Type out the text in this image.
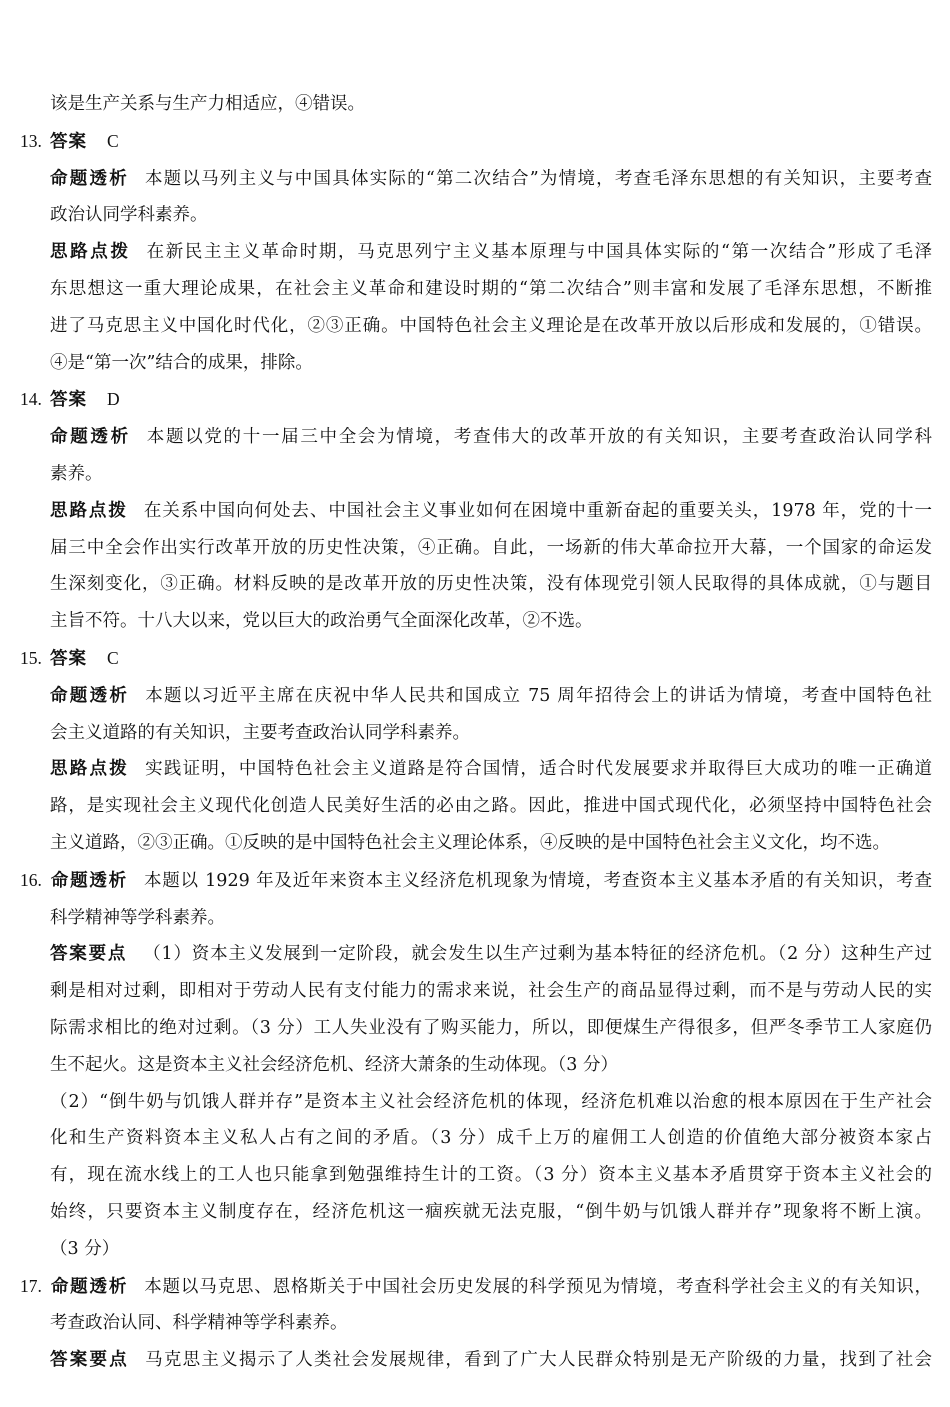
该是生产关系与生产力相适应，④错误。
13. 答案 C
命题透析 本题以马列主义与中国具体实际的“第二次结合”为情境，考查毛泽东思想的有关知识，主要考查
政治认同学科素养。
思路点拨 在新民主主义革命时期，马克思列宁主义基本原理与中国具体实际的“第一次结合”形成了毛泽
东思想这一重大理论成果，在社会主义革命和建设时期的“第二次结合”则丰富和发展了毛泽东思想，不断推
进了马克思主义中国化时代化，②③正确。中国特色社会主义理论是在改革开放以后形成和发展的，①错误。
④是“第一次”结合的成果，排除。
14. 答案 D
命题透析 本题以党的十一届三中全会为情境，考查伟大的改革开放的有关知识，主要考查政治认同学科
素养。
思路点拨 在关系中国向何处去、中国社会主义事业如何在困境中重新奋起的重要关头，1978 年，党的十一
届三中全会作出实行改革开放的历史性决策，④正确。自此，一场新的伟大革命拉开大幕，一个国家的命运发
生深刻变化，③正确。材料反映的是改革开放的历史性决策，没有体现党引领人民取得的具体成就，①与题目
主旨不符。十八大以来，党以巨大的政治勇气全面深化改革，②不选。
15. 答案 C
命题透析 本题以习近平主席在庆祝中华人民共和国成立 75 周年招待会上的讲话为情境，考查中国特色社
会主义道路的有关知识，主要考查政治认同学科素养。
思路点拨 实践证明，中国特色社会主义道路是符合国情，适合时代发展要求并取得巨大成功的唯一正确道
路，是实现社会主义现代化创造人民美好生活的必由之路。因此，推进中国式现代化，必须坚持中国特色社会
主义道路，②③正确。①反映的是中国特色社会主义理论体系，④反映的是中国特色社会主义文化，均不选。
16. 命题透析 本题以 1929 年及近年来资本主义经济危机现象为情境，考查资本主义基本矛盾的有关知识，考查
科学精神等学科素养。
答案要点 （1）资本主义发展到一定阶段，就会发生以生产过剩为基本特征的经济危机。（2 分）这种生产过
剩是相对过剩，即相对于劳动人民有支付能力的需求来说，社会生产的商品显得过剩，而不是与劳动人民的实
际需求相比的绝对过剩。（3 分）工人失业没有了购买能力，所以，即便煤生产得很多，但严冬季节工人家庭仍
生不起火。这是资本主义社会经济危机、经济大萧条的生动体现。（3 分）
（2）“倒牛奶与饥饿人群并存”是资本主义社会经济危机的体现，经济危机难以治愈的根本原因在于生产社会
化和生产资料资本主义私人占有之间的矛盾。（3 分）成千上万的雇佣工人创造的价值绝大部分被资本家占
有，现在流水线上的工人也只能拿到勉强维持生计的工资。（3 分）资本主义基本矛盾贯穿于资本主义社会的
始终，只要资本主义制度存在，经济危机这一痼疾就无法克服，“倒牛奶与饥饿人群并存”现象将不断上演。
（3 分）
17. 命题透析 本题以马克思、恩格斯关于中国社会历史发展的科学预见为情境，考查科学社会主义的有关知识，
考查政治认同、科学精神等学科素养。
答案要点 马克思主义揭示了人类社会发展规律，看到了广大人民群众特别是无产阶级的力量，找到了社会
